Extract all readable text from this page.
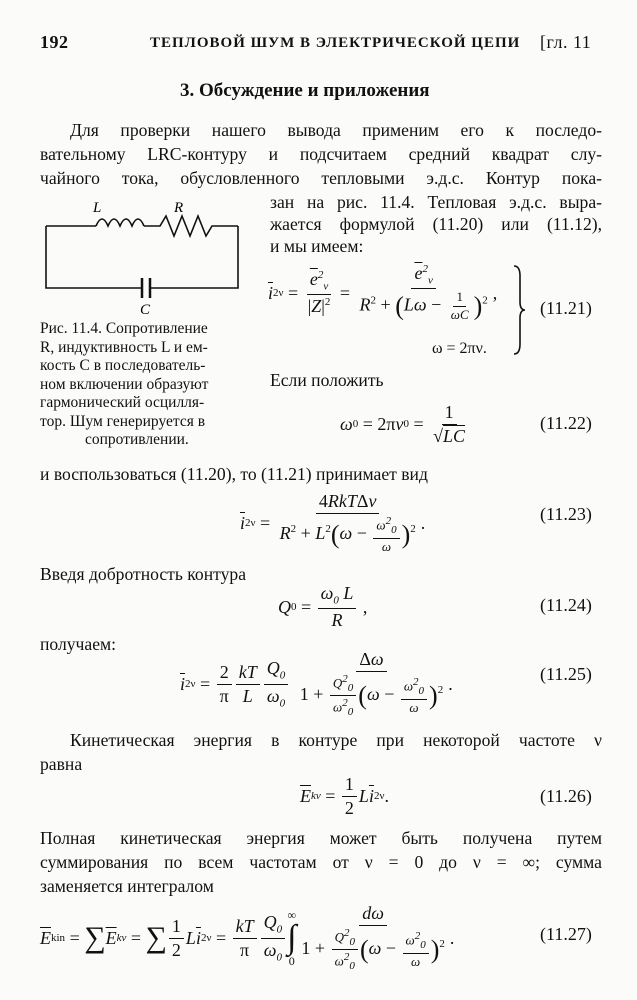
192	ТЕПЛОВОЙ ШУМ В ЭЛЕКТРИЧЕСКОЙ ЦЕПИ [гл. 11
3. Обсуждение и приложения
Для проверки нашего вывода применим его к последо-
вательному LRC-контуру и подсчитаем средний квадрат слу-
чайного тока, обусловленного тепловыми э.д.с. Контур пока-
зан на рис. 11.4. Тепловая э.д.с. выра-
жается формулой (11.20) или (11.12),
и мы имеем:
L	R
C
Рис. 11.4. Сопротивление
R, индуктивность L и ем-
кость C в последователь-
ном включении образуют
гармонический осцилля-
тор. Шум генерируется в
сопротивлении.
$\overline{i}$ 2 $\nu = \frac{\overline{e}^2_\nu}{|Z|^2} = \frac{\overline{e}^2_\nu}{R^2 + (L\omega - \frac{1}{\omega C} )^2}$ ,
ω = 2πν.
(11.21)
Если положить
ω 0 = 2π ν $0 = \frac{1}{√LC}$	(11.22)
и воспользоваться (11.20), то (11.21) принимает вид
$\overline{i}$ 2 $\nu = \frac{\text{4RkTΔν}}{R^2 + L^2(\omega - \frac{\omega^2_0}{\omega} )^2}$ .	(11.23)
Введя добротность контура
Q $0 = \frac{\omega_0 L}{R}$ ,	(11.24)
получаем:
$\overline{i}$ 2 $\nu = \frac{2}{\pi} \frac{kT}{L} \frac{Q_0}{\omega_0}$
$\frac{\Delta\omega}{1 + \frac{Q^2_0}{\omega^2_0} (\omega - \frac{\omega^2_0}{\omega} )^2}$ .	(11.25)
Кинетическая энергия в контуре при некоторой частоте ν
равна
$\overline{E}$ $k\nu = \frac{1}{2}$ L $\overline{i}$ 2 ν .	(11.26)
Полная кинетическая энергия может быть получена путем
суммирования по всем частотам от ν = 0 до ν = ∞; сумма
заменяется интегралом
$\overline{E}$ kin = ∑ $\overline{E}$ kν = ∑ $\frac{1}{2}$ L $\overline{i}$ 2 $\nu = \frac{kT}{\pi} \frac{Q_0}{\omega_0}$ ∞
∫
$0 \frac{d\omega}{1 + \frac{Q^2_0}{\omega^2_0} (\omega - \frac{\omega^2_0}{\omega} )^2}$ .	(11.27)
